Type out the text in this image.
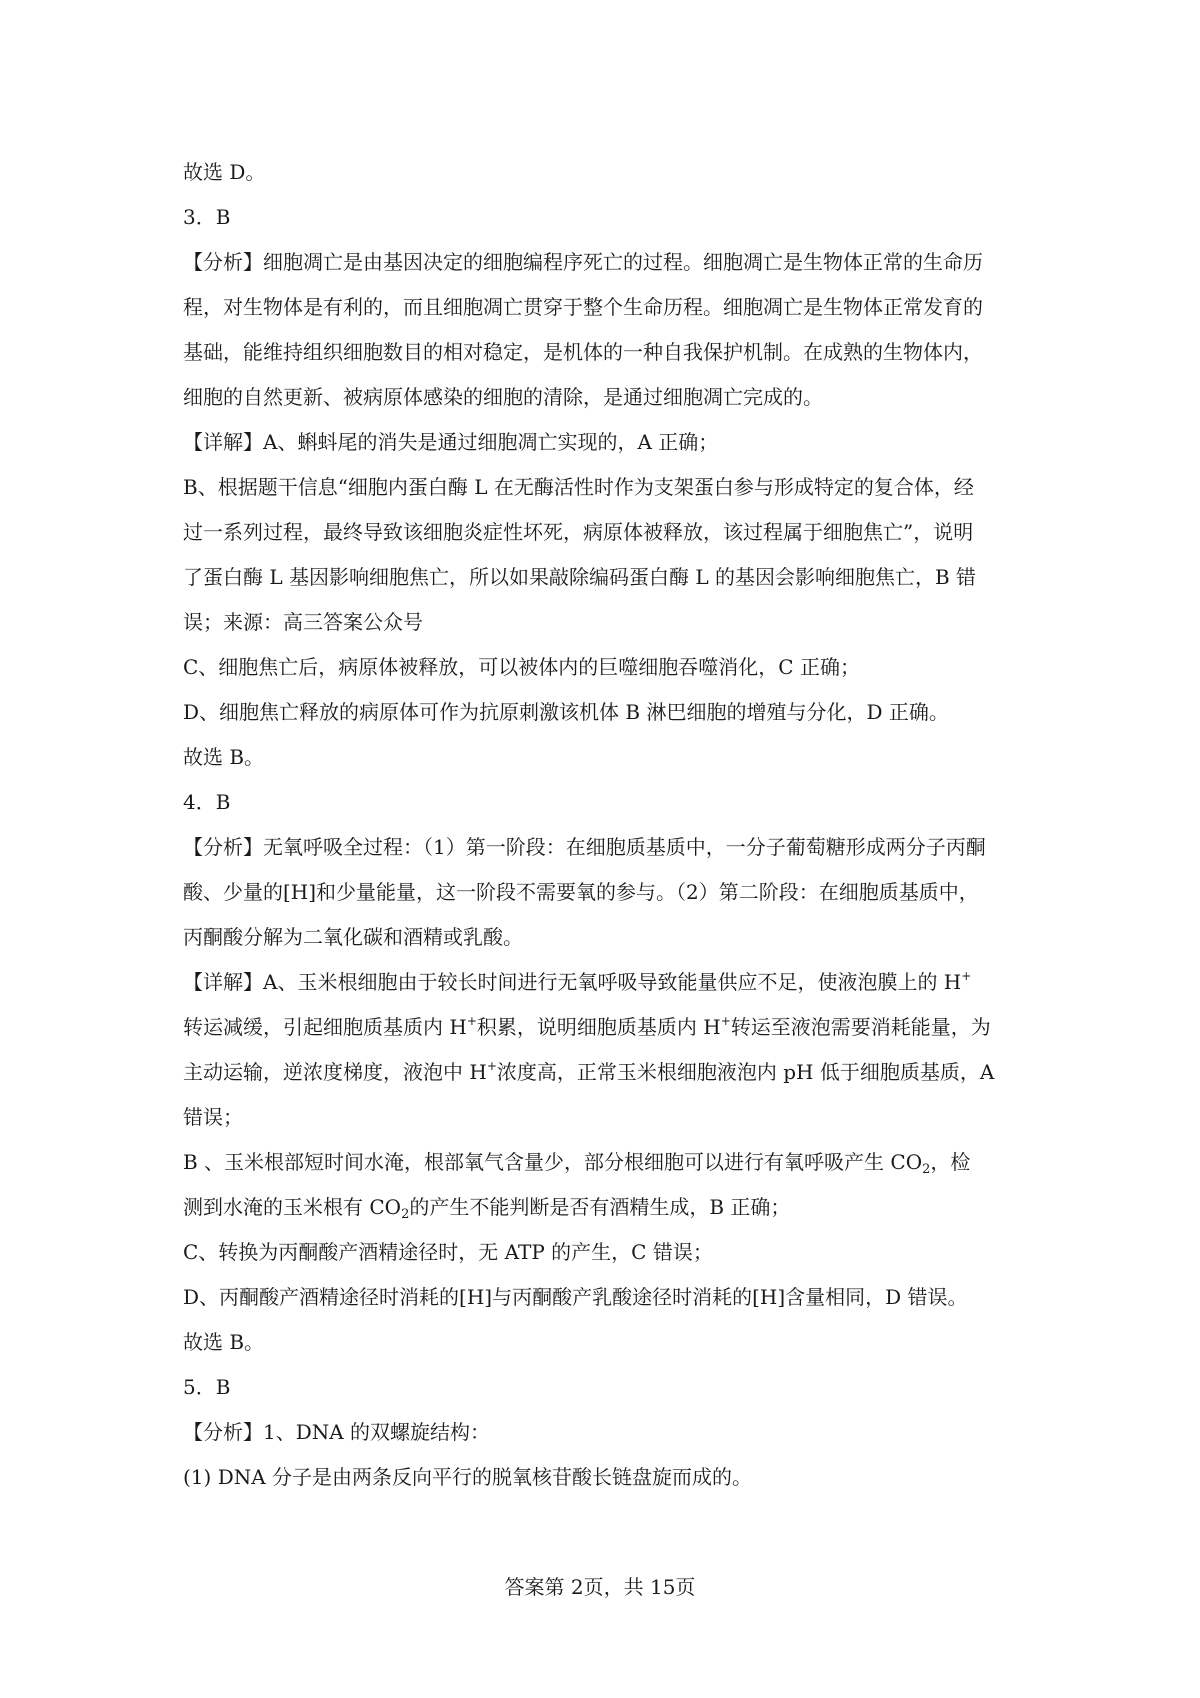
故选 D。

3．B

【分析】细胞凋亡是由基因决定的细胞编程序死亡的过程。细胞凋亡是生物体正常的生命历

程，对生物体是有利的，而且细胞凋亡贯穿于整个生命历程。细胞凋亡是生物体正常发育的

基础，能维持组织细胞数目的相对稳定，是机体的一种自我保护机制。在成熟的生物体内，

细胞的自然更新、被病原体感染的细胞的清除，是通过细胞凋亡完成的。

【详解】A、蝌蚪尾的消失是通过细胞凋亡实现的，A 正确；

B、根据题干信息“细胞内蛋白酶 L 在无酶活性时作为支架蛋白参与形成特定的复合体，经

过一系列过程，最终导致该细胞炎症性坏死，病原体被释放，该过程属于细胞焦亡”，说明

了蛋白酶 L 基因影响细胞焦亡，所以如果敲除编码蛋白酶 L 的基因会影响细胞焦亡，B 错

误；来源：高三答案公众号

C、细胞焦亡后，病原体被释放，可以被体内的巨噬细胞吞噬消化，C 正确；

D、细胞焦亡释放的病原体可作为抗原刺激该机体 B 淋巴细胞的增殖与分化，D 正确。

故选 B。

4．B

【分析】无氧呼吸全过程：（1）第一阶段：在细胞质基质中，一分子葡萄糖形成两分子丙酮

酸、少量的[H]和少量能量，这一阶段不需要氧的参与。（2）第二阶段：在细胞质基质中，

丙酮酸分解为二氧化碳和酒精或乳酸。

【详解】A、玉米根细胞由于较长时间进行无氧呼吸导致能量供应不足，使液泡膜上的 H+

转运减缓，引起细胞质基质内 H+积累，说明细胞质基质内 H+转运至液泡需要消耗能量，为

主动运输，逆浓度梯度，液泡中 H+浓度高，正常玉米根细胞液泡内 pH 低于细胞质基质，A

错误；

B 、玉米根部短时间水淹，根部氧气含量少，部分根细胞可以进行有氧呼吸产生 $CO_2$，检

测到水淹的玉米根有 $CO_2$的产生不能判断是否有酒精生成，B 正确；

C、转换为丙酮酸产酒精途径时，无 ATP 的产生，C 错误；

D、丙酮酸产酒精途径时消耗的[H]与丙酮酸产乳酸途径时消耗的[H]含量相同，D 错误。

故选 B。

5．B

【分析】1、DNA 的双螺旋结构：

(1) DNA 分子是由两条反向平行的脱氧核苷酸长链盘旋而成的。

答案第 2页，共 15页
